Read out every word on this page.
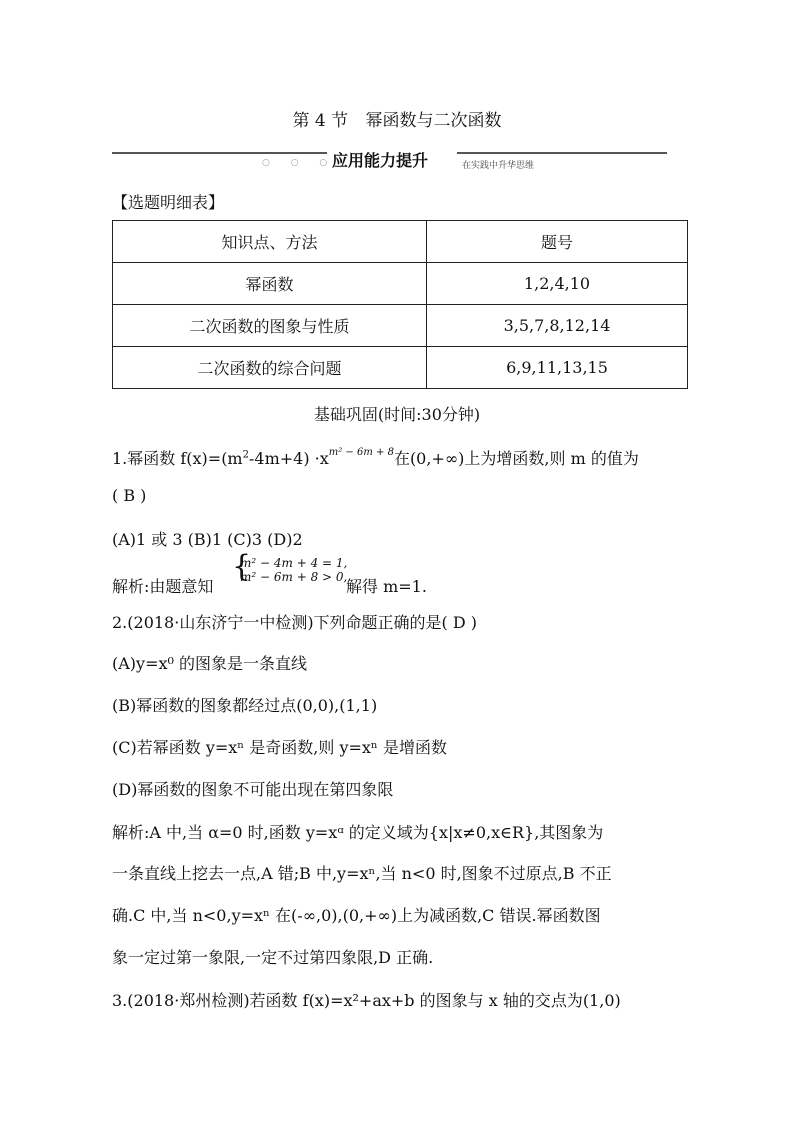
第 4 节 幂函数与二次函数
○ ○ ○
应用能力提升	在实践中升华思维
【选题明细表】
知识点、方法	题号
幂函数	1,2,4,10
二次函数的图象与性质	3,5,7,8,12,14
二次函数的综合问题	6,9,11,13,15
基础巩固(时间:30分钟)
1.幂函数 $f(x)=(m^2-4m+4) \cdot x^{m^2 - 6m + 8}$在(0,+∞)上为增函数,则 m 的值为
( B )
(A)1 或 3 (B)1 (C)3 (D)2
解析:由题意知
{
m² − 4m + 4 = 1,
m² − 6m + 8 > 0,
解得 m=1.
2.(2018·山东济宁一中检测)下列命题正确的是( D )
(A)y=x⁰ 的图象是一条直线
(B)幂函数的图象都经过点(0,0),(1,1)
(C)若幂函数 y=xⁿ 是奇函数,则 y=xⁿ 是增函数
(D)幂函数的图象不可能出现在第四象限
解析:A 中,当 α=0 时,函数 y=xᵅ 的定义域为{x|x≠0,x∈R},其图象为
一条直线上挖去一点,A 错;B 中,y=xⁿ,当 n<0 时,图象不过原点,B 不正
确.C 中,当 n<0,y=xⁿ 在(-∞,0),(0,+∞)上为减函数,C 错误.幂函数图
象一定过第一象限,一定不过第四象限,D 正确.
3.(2018·郑州检测)若函数 f(x)=x²+ax+b 的图象与 x 轴的交点为(1,0)
